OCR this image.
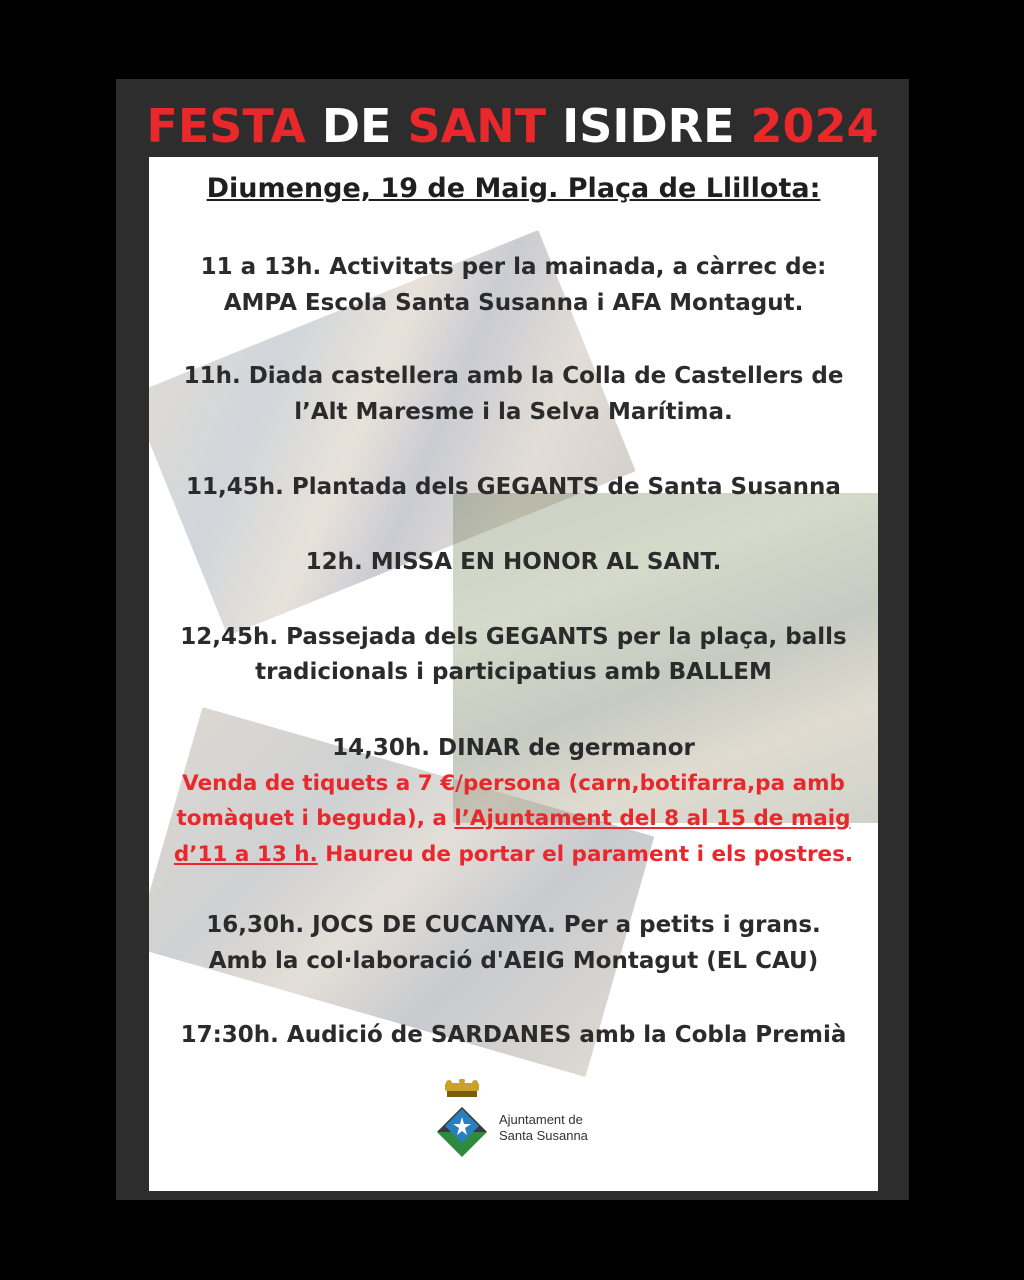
FESTA DE SANT ISIDRE 2024
Diumenge, 19 de Maig. Plaça de Llillota:
11 a 13h. Activitats per la mainada, a càrrec de:
AMPA Escola Santa Susanna i AFA Montagut.
11h. Diada castellera amb la Colla de Castellers de
l’Alt Maresme i la Selva Marítima.
11,45h. Plantada dels GEGANTS de Santa Susanna
12h. MISSA EN HONOR AL SANT.
12,45h. Passejada dels GEGANTS per la plaça, balls
tradicionals i participatius amb BALLEM
14,30h. DINAR de germanor
Venda de tiquets a 7 €/persona (carn,botifarra,pa amb
tomàquet i beguda), a l’Ajuntament del 8 al 15 de maig
d’11 a 13 h. Haureu de portar el parament i els postres.
16,30h. JOCS DE CUCANYA. Per a petits i grans.
Amb la col·laboració d'AEIG Montagut (EL CAU)
17:30h. Audició de SARDANES amb la Cobla Premià
Ajuntament de
Santa Susanna
